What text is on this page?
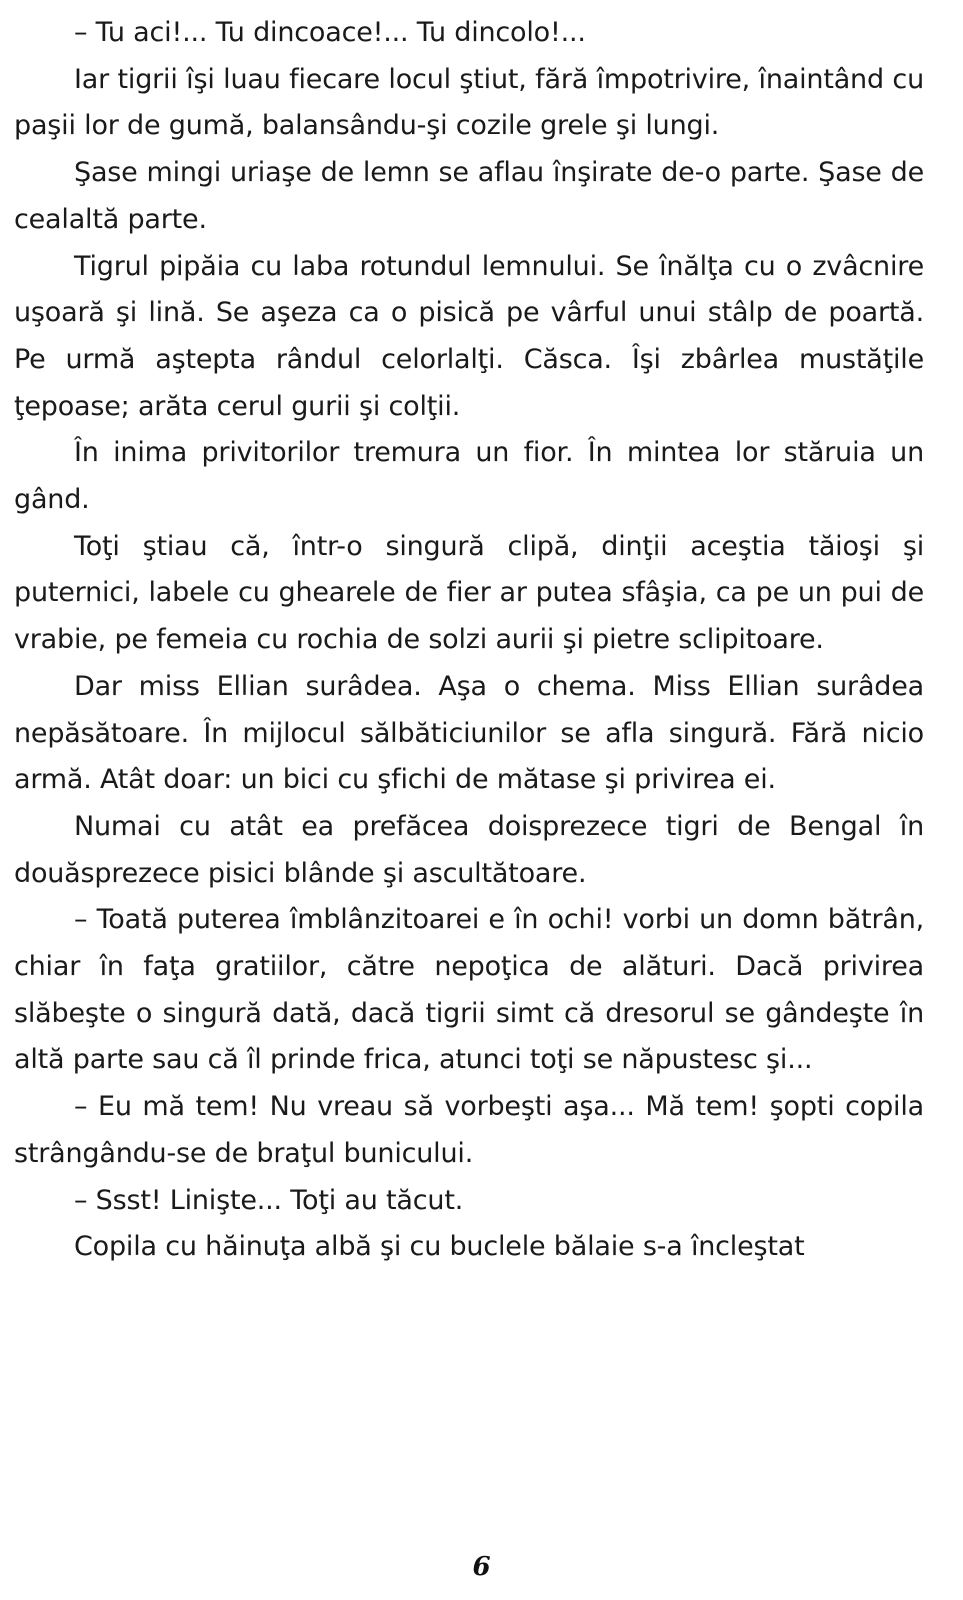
– Tu aci!... Tu dincoace!... Tu dincolo!...

Iar tigrii îşi luau fiecare locul ştiut, fără împotrivire, înaintând cu paşii lor de gumă, balansându-şi cozile grele şi lungi.

Şase mingi uriaşe de lemn se aflau înşirate de-o parte. Şase de cealaltă parte.

Tigrul pipăia cu laba rotundul lemnului. Se înălţa cu o zvâcnire uşoară şi lină. Se aşeza ca o pisică pe vârful unui stâlp de poartă. Pe urmă aştepta rândul celorlalţi. Căsca. Îşi zbârlea mustăţile ţepoase; arăta cerul gurii şi colţii.

În inima privitorilor tremura un fior. În mintea lor stăruia un gând.

Toţi ştiau că, într-o singură clipă, dinţii aceştia tăioşi şi puternici, labele cu ghearele de fier ar putea sfâşia, ca pe un pui de vrabie, pe femeia cu rochia de solzi aurii şi pietre sclipitoare.

Dar miss Ellian surâdea. Aşa o chema. Miss Ellian surâdea nepăsătoare. În mijlocul sălbăticiunilor se afla singură. Fără nicio armă. Atât doar: un bici cu şfichi de mătase şi privirea ei.

Numai cu atât ea prefăcea doisprezece tigri de Bengal în douăsprezece pisici blânde şi ascultătoare.

– Toată puterea îmblânzitoarei e în ochi! vorbi un domn bătrân, chiar în faţa gratiilor, către nepoţica de alături. Dacă privirea slăbeşte o singură dată, dacă tigrii simt că dresorul se gândeşte în altă parte sau că îl prinde frica, atunci toţi se năpustesc şi...

– Eu mă tem! Nu vreau să vorbeşti aşa... Mă tem! şopti copila strângându-se de braţul bunicului.

– Ssst! Linişte... Toţi au tăcut.

Copila cu hăinuţa albă şi cu buclele bălaie s-a încleştat

6
